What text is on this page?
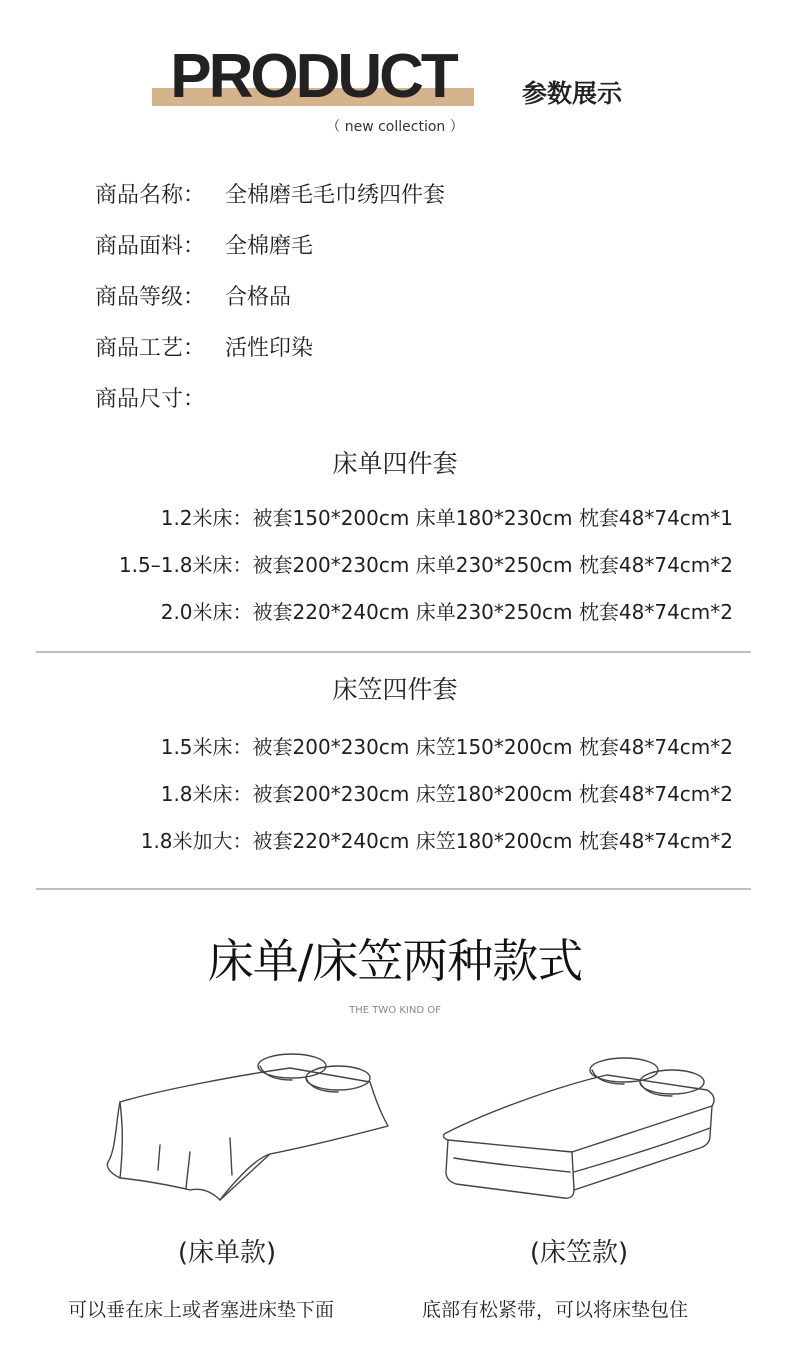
PRODUCT	参数展示
（ new collection ）
商品名称： 全棉磨毛毛巾绣四件套
商品面料： 全棉磨毛
商品等级： 合格品
商品工艺： 活性印染
商品尺寸：
床单四件套
1.2米床：被套150*200cm 床单180*230cm 枕套48*74cm*1
1.5–1.8米床：被套200*230cm 床单230*250cm 枕套48*74cm*2
2.0米床：被套220*240cm 床单230*250cm 枕套48*74cm*2
床笠四件套
1.5米床：被套200*230cm 床笠150*200cm 枕套48*74cm*2
1.8米床：被套200*230cm 床笠180*200cm 枕套48*74cm*2
1.8米加大：被套220*240cm 床笠180*200cm 枕套48*74cm*2
床单/床笠两种款式
THE TWO KIND OF
(床单款)	(床笠款)
可以垂在床上或者塞进床垫下面	底部有松紧带，可以将床垫包住
